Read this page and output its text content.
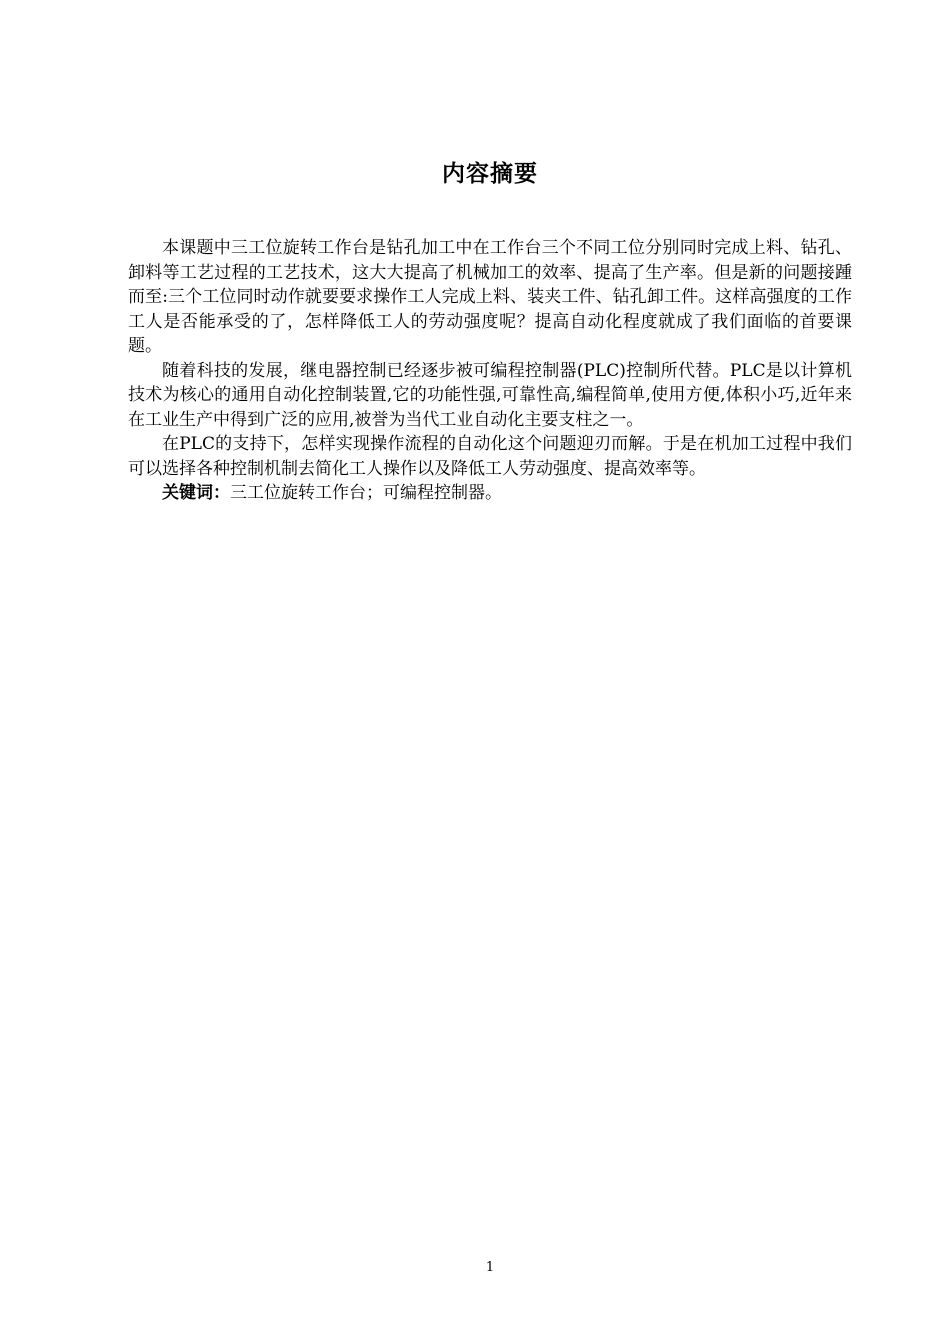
内容摘要

本课题中三工位旋转工作台是钻孔加工中在工作台三个不同工位分别同时完成上料、钻孔、卸料等工艺过程的工艺技术，这大大提高了机械加工的效率、提高了生产率。但是新的问题接踵而至:三个工位同时动作就要要求操作工人完成上料、装夹工件、钻孔卸工件。这样高强度的工作工人是否能承受的了，怎样降低工人的劳动强度呢？提高自动化程度就成了我们面临的首要课题。

随着科技的发展，继电器控制已经逐步被可编程控制器(PLC)控制所代替。PLC是以计算机技术为核心的通用自动化控制装置,它的功能性强,可靠性高,编程简单,使用方便,体积小巧,近年来在工业生产中得到广泛的应用,被誉为当代工业自动化主要支柱之一。

在PLC的支持下，怎样实现操作流程的自动化这个问题迎刃而解。于是在机加工过程中我们可以选择各种控制机制去简化工人操作以及降低工人劳动强度、提高效率等。

关键词：三工位旋转工作台；可编程控制器。

1
